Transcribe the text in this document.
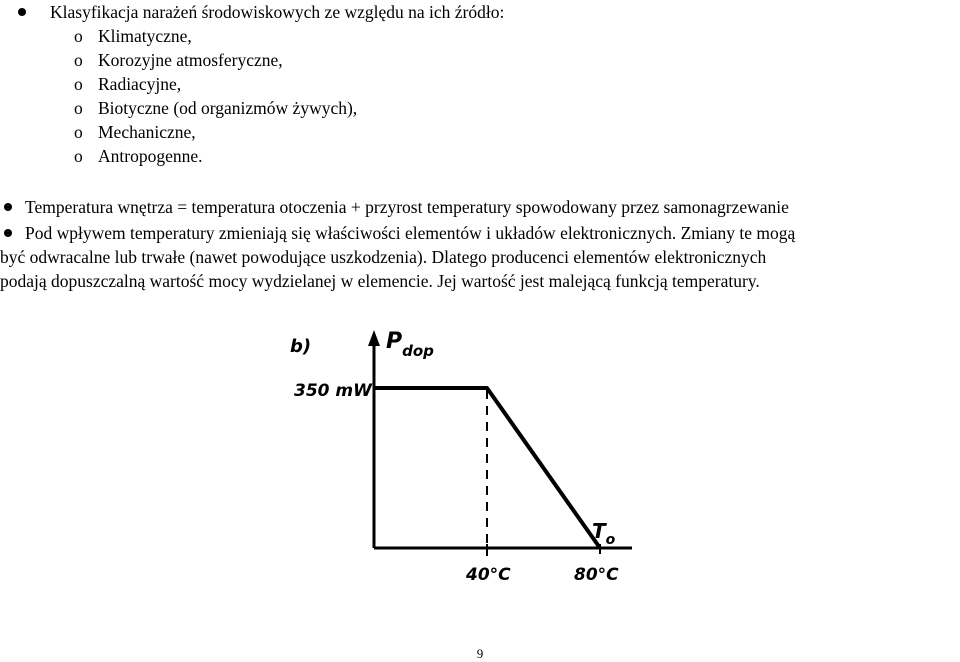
Klasyfikacja narażeń środowiskowych ze względu na ich źródło:
o Klimatyczne,
o Korozyjne atmosferyczne,
o Radiacyjne,
o Biotyczne (od organizmów żywych),
o Mechaniczne,
o Antropogenne.
Temperatura wnętrza = temperatura otoczenia + przyrost temperatury spowodowany przez samonagrzewanie
Pod wpływem temperatury zmieniają się właściwości elementów i układów elektronicznych. Zmiany te mogą
być odwracalne lub trwałe (nawet powodujące uszkodzenia). Dlatego producenci elementów elektronicznych
podają dopuszczalną wartość mocy wydzielanej w elemencie. Jej wartość jest malejącą funkcją temperatury.
b)	$P_{dop}$
350 mW
40°C	80°C
$T_o$
9
